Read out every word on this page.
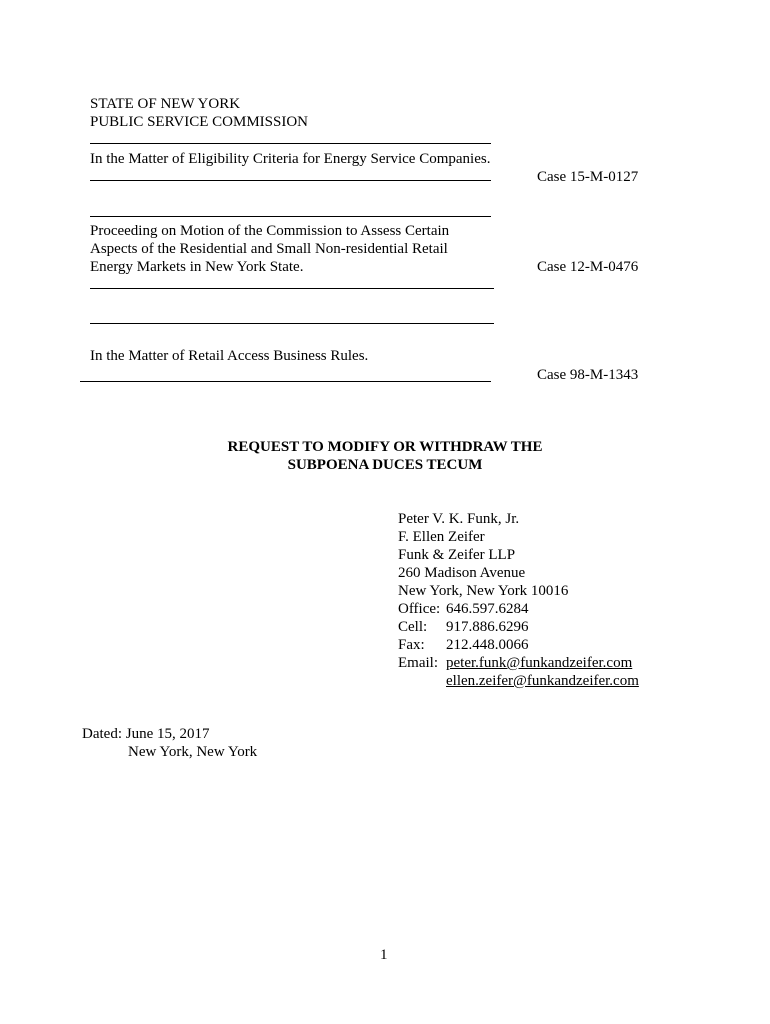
STATE OF NEW YORK
PUBLIC SERVICE COMMISSION
In the Matter of Eligibility Criteria for Energy Service Companies.
Case 15-M-0127
Proceeding on Motion of the Commission to Assess Certain
Aspects of the Residential and Small Non-residential Retail
Energy Markets in New York State.	Case 12-M-0476
In the Matter of Retail Access Business Rules.
Case 98-M-1343
REQUEST TO MODIFY OR WITHDRAW THE
SUBPOENA DUCES TECUM
Peter V. K. Funk, Jr.
F. Ellen Zeifer
Funk & Zeifer LLP
260 Madison Avenue
New York, New York 10016
Office: 646.597.6284
Cell: 917.886.6296
Fax: 212.448.0066
Email: peter.funk@funkandzeifer.com
ellen.zeifer@funkandzeifer.com
Dated: June 15, 2017
New York, New York
1
